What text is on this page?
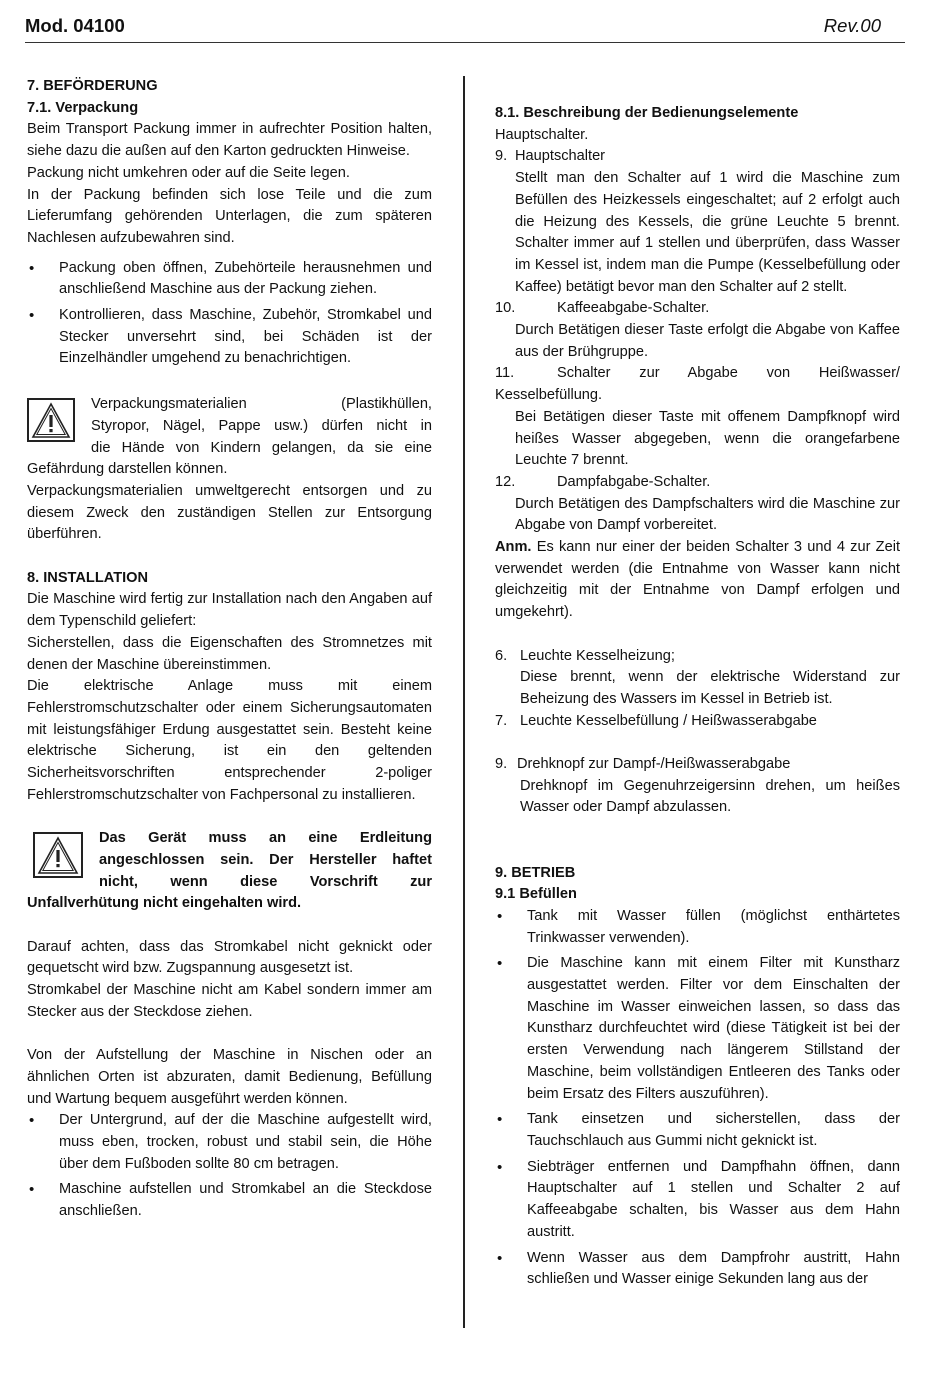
Mod. 04100	Rev.00

7. BEFÖRDERUNG

7.1. Verpackung

Beim Transport Packung immer in aufrechter Position halten, siehe dazu die außen auf den Karton gedruckten Hinweise.

Packung nicht umkehren oder auf die Seite legen.

In der Packung befinden sich lose Teile und die zum Lieferumfang gehörenden Unterlagen, die zum späteren Nachlesen aufzubewahren sind.

• Packung oben öffnen, Zubehörteile herausnehmen und anschließend Maschine aus der Packung ziehen.
• Kontrollieren, dass Maschine, Zubehör, Stromkabel und Stecker unversehrt sind, bei Schäden ist der Einzelhändler umgehend zu benachrichtigen.

Verpackungsmaterialien (Plastikhüllen,

Styropor, Nägel, Pappe usw.) dürfen nicht in

die Hände von Kindern gelangen, da sie eine

Gefährdung darstellen können.

Verpackungsmaterialien umweltgerecht entsorgen und zu diesem Zweck den zuständigen Stellen zur Entsorgung überführen.

8. INSTALLATION

Die Maschine wird fertig zur Installation nach den Angaben auf dem Typenschild geliefert:

Sicherstellen, dass die Eigenschaften des Stromnetzes mit denen der Maschine übereinstimmen.

Die elektrische Anlage muss mit einem Fehlerstromschutzschalter oder einem Sicherungsautomaten mit leistungsfähiger Erdung ausgestattet sein. Besteht keine elektrische Sicherung, ist ein den geltenden Sicherheitsvorschriften entsprechender 2-poliger Fehlerstromschutzschalter von Fachpersonal zu installieren.

Das Gerät muss an eine Erdleitung

angeschlossen sein. Der Hersteller haftet

nicht, wenn diese Vorschrift zur

Unfallverhütung nicht eingehalten wird.

Darauf achten, dass das Stromkabel nicht geknickt oder gequetscht wird bzw. Zugspannung ausgesetzt ist.

Stromkabel der Maschine nicht am Kabel sondern immer am Stecker aus der Steckdose ziehen.

Von der Aufstellung der Maschine in Nischen oder an ähnlichen Orten ist abzuraten, damit Bedienung, Befüllung und Wartung bequem ausgeführt werden können.

• Der Untergrund, auf der die Maschine aufgestellt wird, muss eben, trocken, robust und stabil sein, die Höhe über dem Fußboden sollte 80 cm betragen.
• Maschine aufstellen und Stromkabel an die Steckdose anschließen.

8.1. Beschreibung der Bedienungselemente

Hauptschalter.

9. Hauptschalter

Stellt man den Schalter auf 1 wird die Maschine zum Befüllen des Heizkessels eingeschaltet; auf 2 erfolgt auch die Heizung des Kessels, die grüne Leuchte 5 brennt. Schalter immer auf 1 stellen und überprüfen, dass Wasser im Kessel ist, indem man die Pumpe (Kesselbefüllung oder Kaffee) betätigt bevor man den Schalter auf 2 stellt.

10.	Kaffeeabgabe-Schalter.

Durch Betätigen dieser Taste erfolgt die Abgabe von Kaffee aus der Brühgruppe.

11.	Schalter zur Abgabe von Heißwasser/ Kesselbefüllung.

Bei Betätigen dieser Taste mit offenem Dampfknopf wird heißes Wasser abgegeben, wenn die orangefarbene Leuchte 7 brennt.

12.	Dampfabgabe-Schalter.

Durch Betätigen des Dampfschalters wird die Maschine zur Abgabe von Dampf vorbereitet.

Anm. Es kann nur einer der beiden Schalter 3 und 4 zur Zeit verwendet werden (die Entnahme von Wasser kann nicht gleichzeitig mit der Entnahme von Dampf erfolgen und umgekehrt).

6. Leuchte Kesselheizung;

Diese brennt, wenn der elektrische Widerstand zur Beheizung des Wassers im Kessel in Betrieb ist.

7. Leuchte Kesselbefüllung / Heißwasserabgabe

9. Drehknopf zur Dampf-/Heißwasserabgabe

Drehknopf im Gegenuhrzeigersinn drehen, um heißes Wasser oder Dampf abzulassen.

9. BETRIEB

9.1 Befüllen

• Tank mit Wasser füllen (möglichst enthärtetes Trinkwasser verwenden).
• Die Maschine kann mit einem Filter mit Kunstharz ausgestattet werden. Filter vor dem Einschalten der Maschine im Wasser einweichen lassen, so dass das Kunstharz durchfeuchtet wird (diese Tätigkeit ist bei der ersten Verwendung nach längerem Stillstand der Maschine, beim vollständigen Entleeren des Tanks oder beim Ersatz des Filters auszuführen).
• Tank einsetzen und sicherstellen, dass der Tauchschlauch aus Gummi nicht geknickt ist.
• Siebträger entfernen und Dampfhahn öffnen, dann Hauptschalter auf 1 stellen und Schalter 2 auf Kaffeeabgabe schalten, bis Wasser aus dem Hahn austritt.
• Wenn Wasser aus dem Dampfrohr austritt, Hahn schließen und Wasser einige Sekunden lang aus der
